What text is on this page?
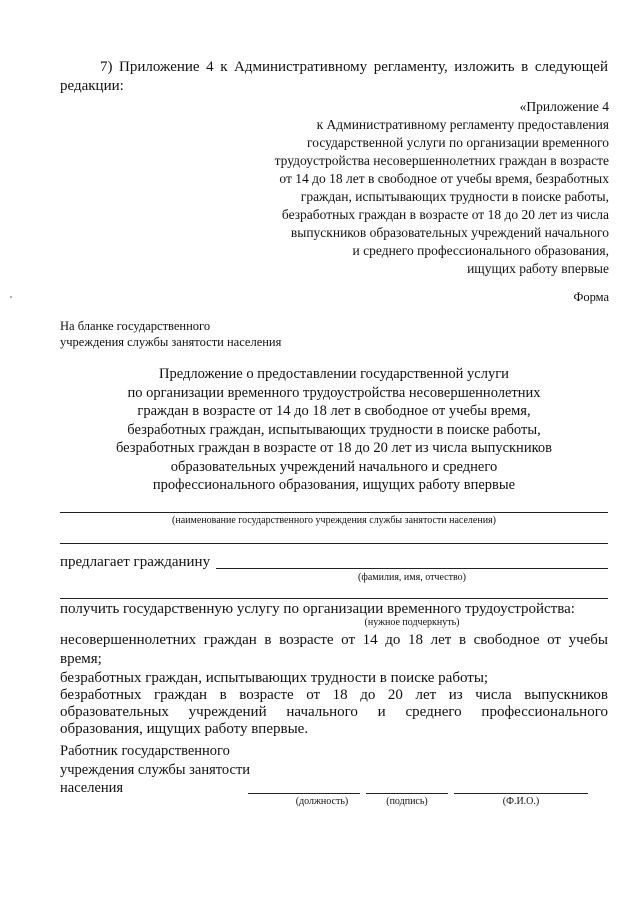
7) Приложение 4 к Административному регламенту, изложить в следующей
редакции:
«Приложение 4
к Административному регламенту предоставления
государственной услуги по организации временного
трудоустройства несовершеннолетних граждан в возрасте
от 14 до 18 лет в свободное от учебы время, безработных
граждан, испытывающих трудности в поиске работы,
безработных граждан в возрасте от 18 до 20 лет из числа
выпускников образовательных учреждений начального
и среднего профессионального образования,
ищущих работу впервые
Форма
На бланке государственного
учреждения службы занятости населения
Предложение о предоставлении государственной услуги
по организации временного трудоустройства несовершеннолетних
граждан в возрасте от 14 до 18 лет в свободное от учебы время,
безработных граждан, испытывающих трудности в поиске работы,
безработных граждан в возрасте от 18 до 20 лет из числа выпускников
образовательных учреждений начального и среднего
профессионального образования, ищущих работу впервые
(наименование государственного учреждения службы занятости населения)
предлагает гражданину
(фамилия, имя, отчество)
получить государственную услугу по организации временного трудоустройства:
(нужное подчеркнуть)
несовершеннолетних граждан в возрасте от 14 до 18 лет в свободное от учебы
время;
безработных граждан, испытывающих трудности в поиске работы;
безработных граждан в возрасте от 18 до 20 лет из числа выпускников
образовательных учреждений начального и среднего профессионального
образования, ищущих работу впервые.
Работник государственного
учреждения службы занятости
населения
(должность)	(подпись)	(Ф.И.О.)
